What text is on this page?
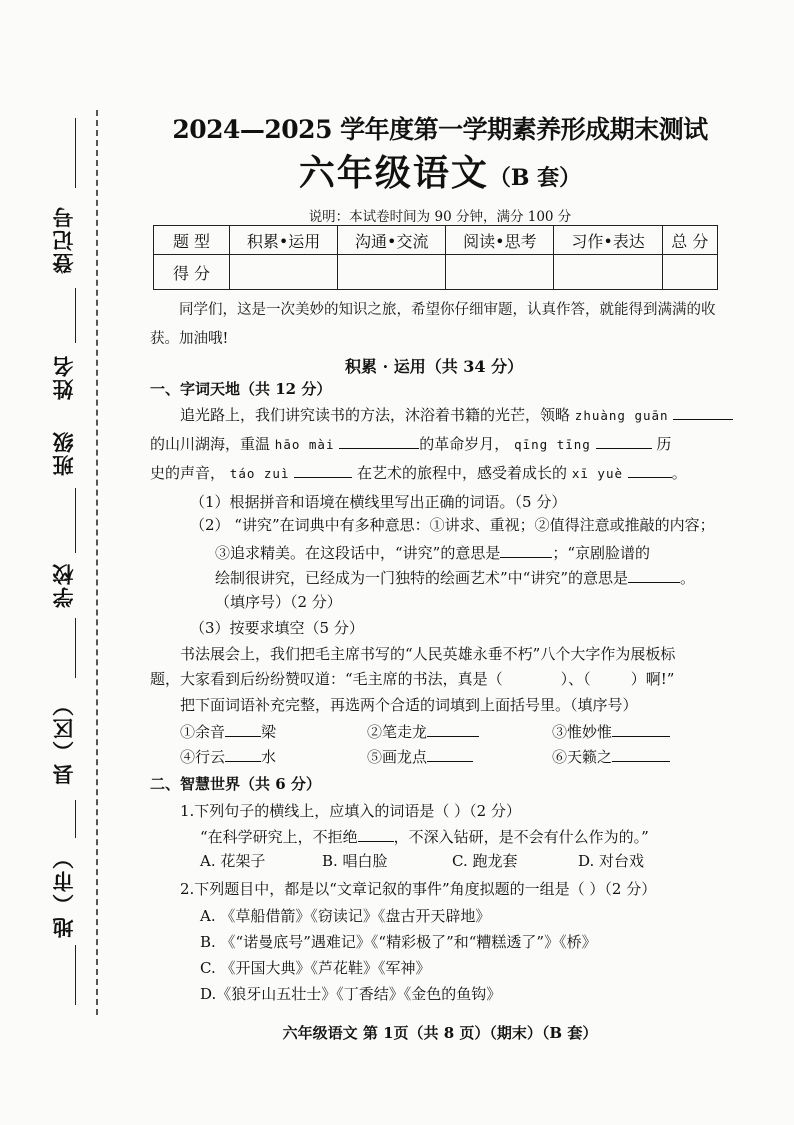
登记号
姓名
班级
学校
县（区）
地（市）
2024—2025 学年度第一学期素养形成期末测试
六年级语文（B 套）
说明：本试卷时间为 90 分钟，满分 100 分
题 型	积累•运用	沟通•交流	阅读•思考	习作•表达	总 分
得 分					
同学们，这是一次美妙的知识之旅，希望你仔细审题，认真作答，就能得到满满的收获。加油哦!
积累 · 运用（共 34 分）
一、字词天地（共 12 分）
追光路上，我们讲究读书的方法，沐浴着书籍的光芒，领略 zhuàng guān
的山川湖海，重温 hāo mài	的革命岁月， qīng tīng	历
史的声音， táo zuì	在艺术的旅程中，感受着成长的 xī yuè	。
（1）根据拼音和语境在横线里写出正确的词语。（5 分）
（2） “讲究”在词典中有多种意思：①讲求、重视；②值得注意或推敲的内容；
③追求精美。在这段话中，“讲究”的意思是	；“京剧脸谱的
绘制很讲究，已经成为一门独特的绘画艺术”中“讲究”的意思是	。
（填序号）（2 分）
（3）按要求填空（5 分）
书法展会上，我们把毛主席书写的“人民英雄永垂不朽”八个大字作为展板标
题，大家看到后纷纷赞叹道：“毛主席的书法，真是（	）、（	）啊!”
把下面词语补充完整，再选两个合适的词填到上面括号里。（填序号）
①余音 梁	②笔走龙	③惟妙惟
④行云 水	⑤画龙点	⑥天籁之
二、智慧世界（共 6 分）
1.下列句子的横线上，应填入的词语是（ ）（2 分）
“在科学研究上，不拒绝 ，不深入钻研，是不会有什么作为的。”
A. 花架子	B. 唱白脸	C. 跑龙套	D. 对台戏
2.下列题目中，都是以“文章记叙的事件”角度拟题的一组是（ ）（2 分）
A. 《草船借箭》《窃读记》《盘古开天辟地》
B. 《“诺曼底号”遇难记》《“精彩极了”和“糟糕透了”》《桥》
C. 《开国大典》《芦花鞋》《军神》
D.《狼牙山五壮士》《丁香结》《金色的鱼钩》
六年级语文 第 1页（共 8 页）（期末）（B 套）
